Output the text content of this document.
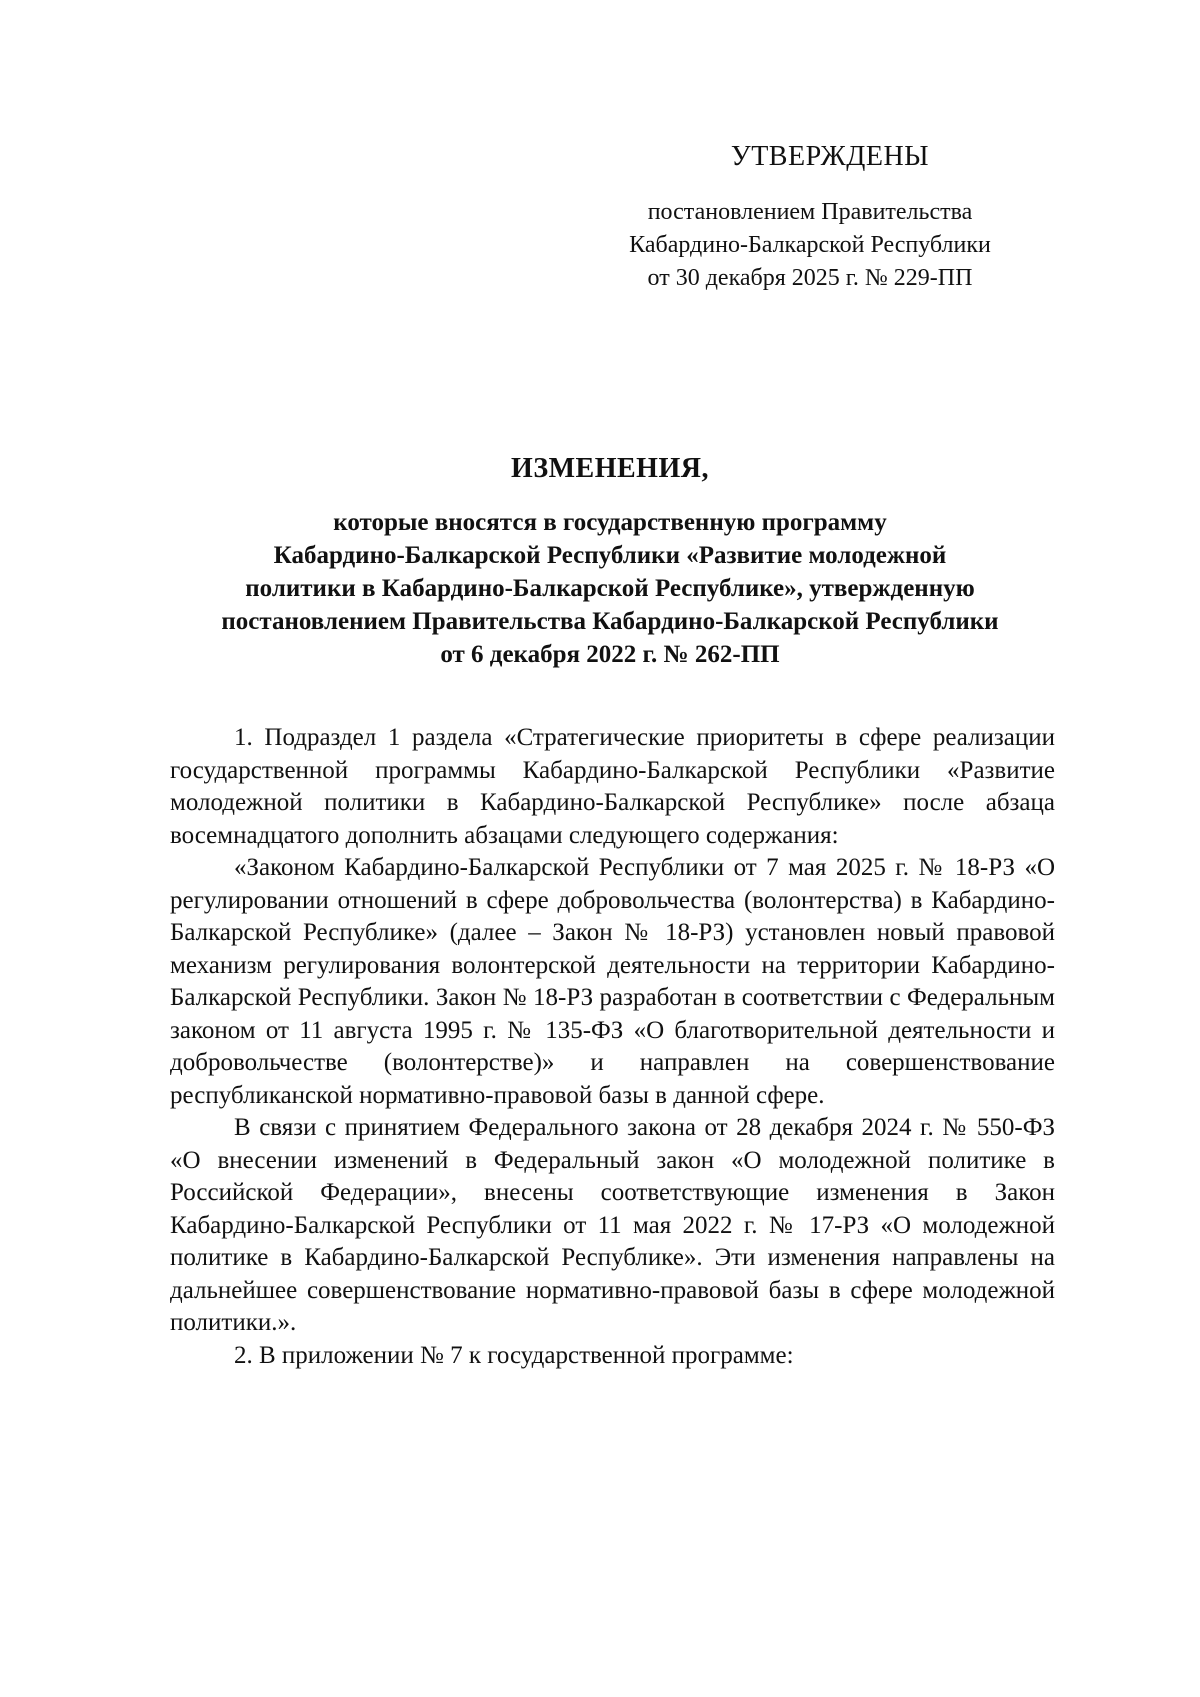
УТВЕРЖДЕНЫ

постановлением Правительства

Кабардино-Балкарской Республики

от 30 декабря 2025 г. № 229-ПП

ИЗМЕНЕНИЯ,

которые вносятся в государственную программу

Кабардино-Балкарской Республики «Развитие молодежной

политики в Кабардино-Балкарской Республике», утвержденную

постановлением Правительства Кабардино-Балкарской Республики

от 6 декабря 2022 г. № 262-ПП

1. Подраздел 1 раздела «Стратегические приоритеты в сфере реализации государственной программы Кабардино-Балкарской Республики «Развитие молодежной политики в Кабардино-Балкарской Республике» после абзаца восемнадцатого дополнить абзацами следующего содержания:

«Законом Кабардино-Балкарской Республики от 7 мая 2025 г. № 18-РЗ «О регулировании отношений в сфере добровольчества (волонтерства) в Кабардино-Балкарской Республике» (далее – Закон № 18-РЗ) установлен новый правовой механизм регулирования волонтерской деятельности на территории Кабардино-Балкарской Республики. Закон № 18-РЗ разработан в соответствии с Федеральным законом от 11 августа 1995 г. № 135-ФЗ «О благотворительной деятельности и добровольчестве (волонтерстве)» и направлен на совершенствование республиканской нормативно-правовой базы в данной сфере.

В связи с принятием Федерального закона от 28 декабря 2024 г. № 550-ФЗ «О внесении изменений в Федеральный закон «О молодежной политике в Российской Федерации», внесены соответствующие изменения в Закон Кабардино-Балкарской Республики от 11 мая 2022 г. № 17-РЗ «О молодежной политике в Кабардино-Балкарской Республике». Эти изменения направлены на дальнейшее совершенствование нормативно-правовой базы в сфере молодежной политики.».

2. В приложении № 7 к государственной программе:
